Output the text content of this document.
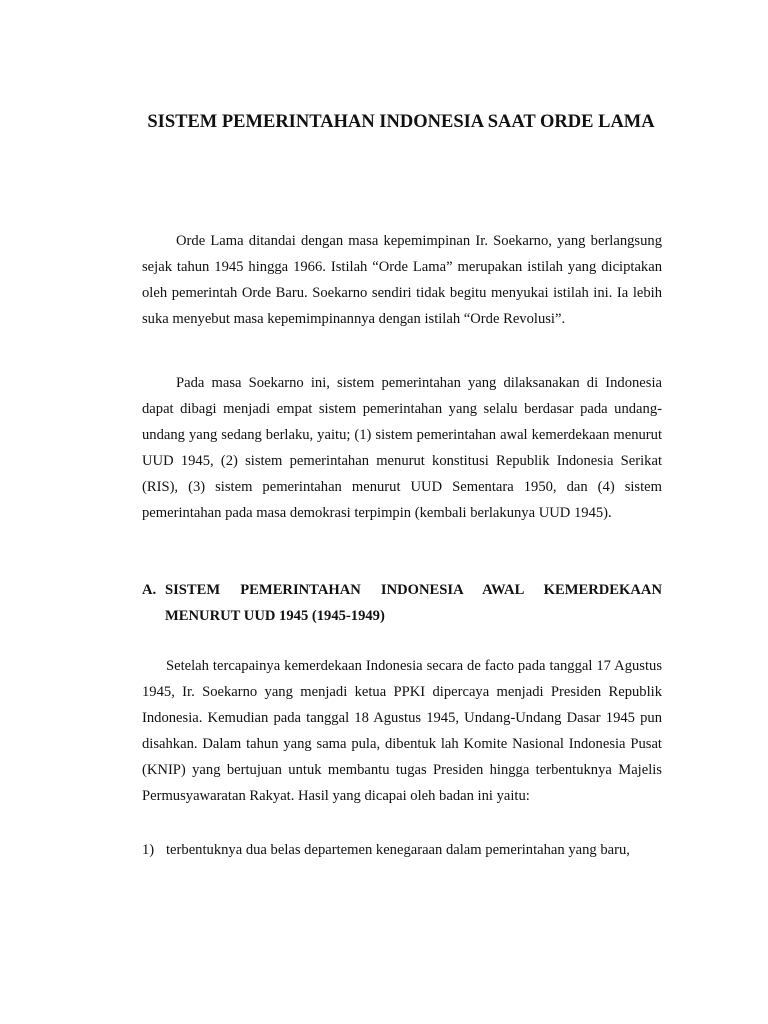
SISTEM PEMERINTAHAN INDONESIA SAAT ORDE LAMA

Orde Lama ditandai dengan masa kepemimpinan Ir. Soekarno, yang berlangsung sejak tahun 1945 hingga 1966. Istilah “Orde Lama” merupakan istilah yang diciptakan oleh pemerintah Orde Baru. Soekarno sendiri tidak begitu menyukai istilah ini. Ia lebih suka menyebut masa kepemimpinannya dengan istilah “Orde Revolusi”.

Pada masa Soekarno ini, sistem pemerintahan yang dilaksanakan di Indonesia dapat dibagi menjadi empat sistem pemerintahan yang selalu berdasar pada undang-undang yang sedang berlaku, yaitu; (1) sistem pemerintahan awal kemerdekaan menurut UUD 1945, (2) sistem pemerintahan menurut konstitusi Republik Indonesia Serikat (RIS), (3) sistem pemerintahan menurut UUD Sementara 1950, dan (4) sistem pemerintahan pada masa demokrasi terpimpin (kembali berlakunya UUD 1945).

A. SISTEM PEMERINTAHAN INDONESIA AWAL KEMERDEKAAN MENURUT UUD 1945 (1945-1949)

Setelah tercapainya kemerdekaan Indonesia secara de facto pada tanggal 17 Agustus 1945, Ir. Soekarno yang menjadi ketua PPKI dipercaya menjadi Presiden Republik Indonesia. Kemudian pada tanggal 18 Agustus 1945, Undang-Undang Dasar 1945 pun disahkan. Dalam tahun yang sama pula, dibentuk lah Komite Nasional Indonesia Pusat (KNIP) yang bertujuan untuk membantu tugas Presiden hingga terbentuknya Majelis Permusyawaratan Rakyat. Hasil yang dicapai oleh badan ini yaitu:

1) terbentuknya dua belas departemen kenegaraan dalam pemerintahan yang baru,
